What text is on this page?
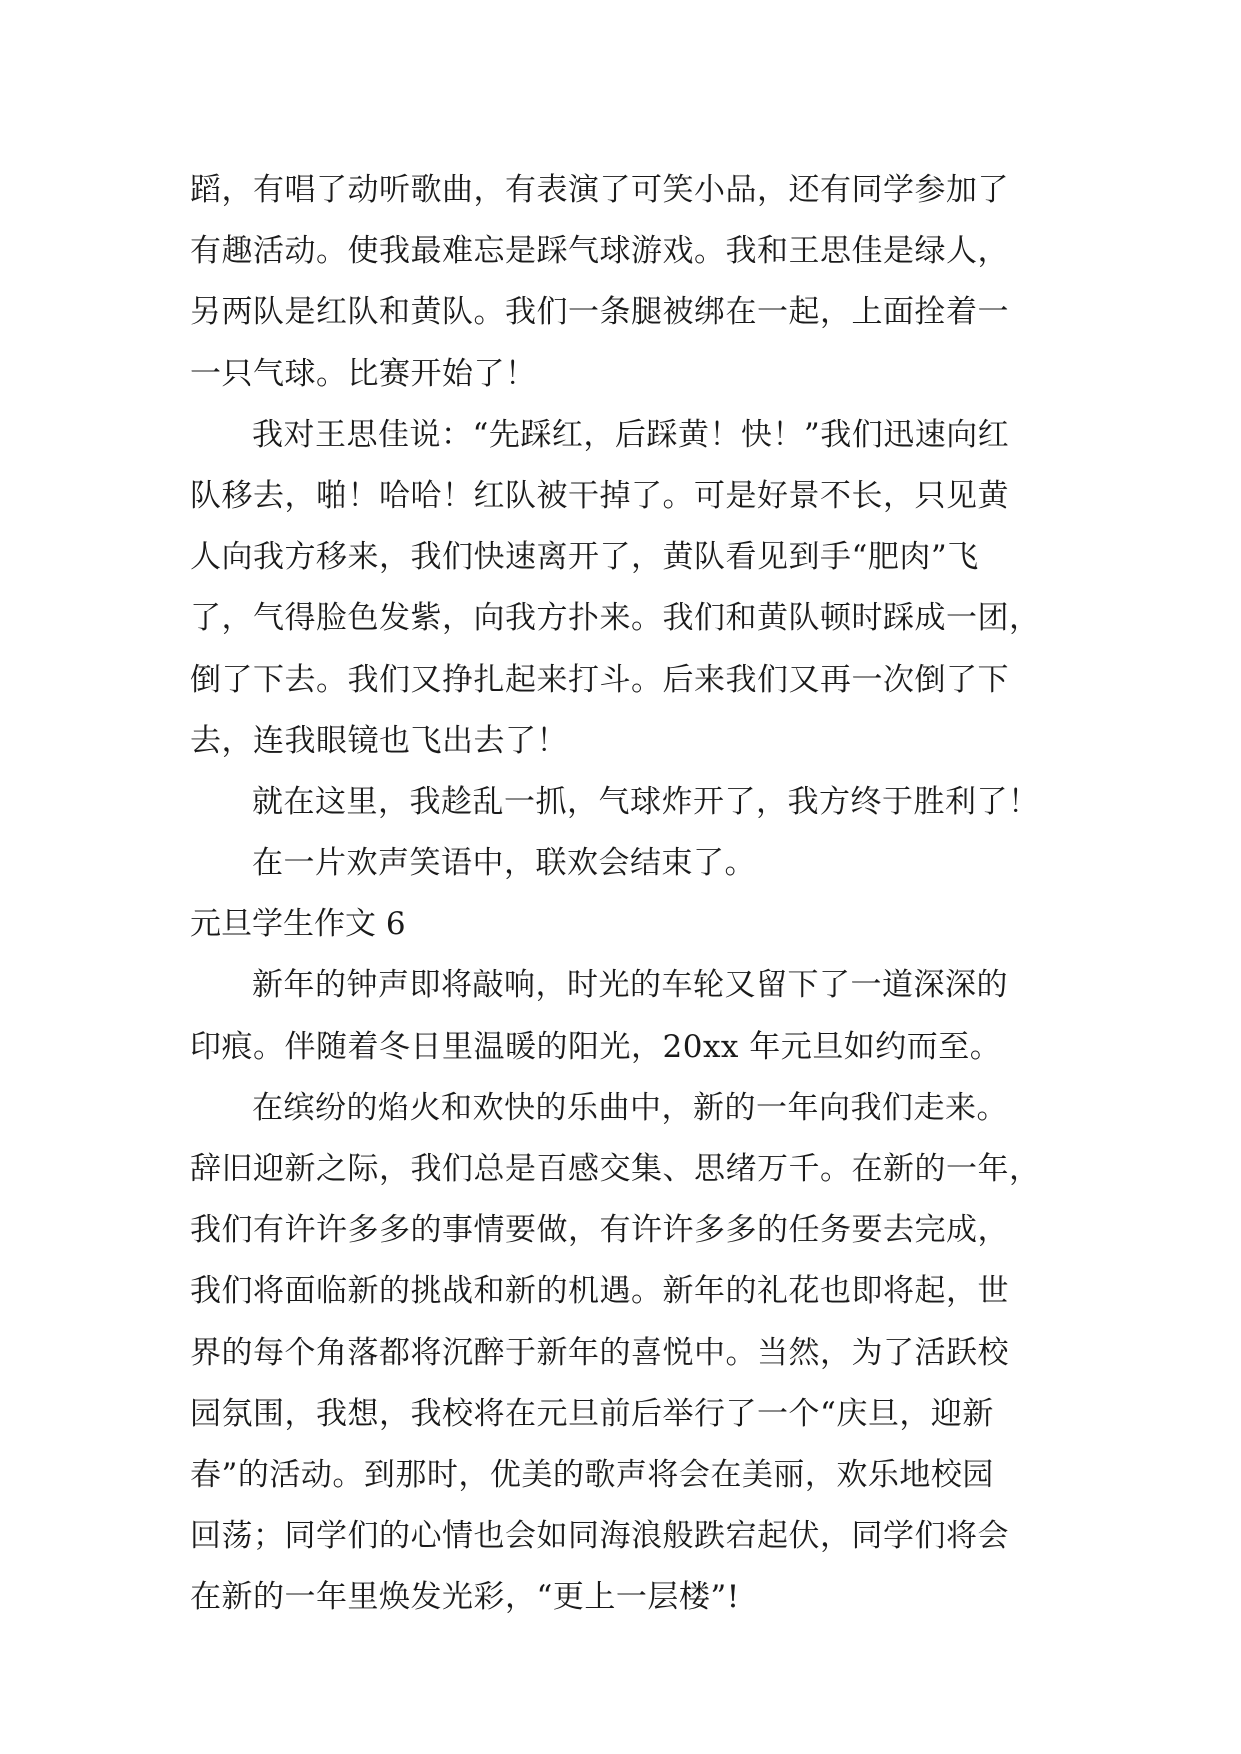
蹈，有唱了动听歌曲，有表演了可笑小品，还有同学参加了
有趣活动。使我最难忘是踩气球游戏。我和王思佳是绿人，
另两队是红队和黄队。我们一条腿被绑在一起，上面拴着一
一只气球。比赛开始了！
我对王思佳说：“先踩红，后踩黄！快！”我们迅速向红
队移去，啪！哈哈！红队被干掉了。可是好景不长，只见黄
人向我方移来，我们快速离开了，黄队看见到手“肥肉”飞
了，气得脸色发紫，向我方扑来。我们和黄队顿时踩成一团，
倒了下去。我们又挣扎起来打斗。后来我们又再一次倒了下
去，连我眼镜也飞出去了！
就在这里，我趁乱一抓，气球炸开了，我方终于胜利了！
在一片欢声笑语中，联欢会结束了。
元旦学生作文 6
新年的钟声即将敲响，时光的车轮又留下了一道深深的
印痕。伴随着冬日里温暖的阳光，20xx 年元旦如约而至。
在缤纷的焰火和欢快的乐曲中，新的一年向我们走来。
辞旧迎新之际，我们总是百感交集、思绪万千。在新的一年，
我们有许许多多的事情要做，有许许多多的任务要去完成，
我们将面临新的挑战和新的机遇。新年的礼花也即将起，世
界的每个角落都将沉醉于新年的喜悦中。当然，为了活跃校
园氛围，我想，我校将在元旦前后举行了一个“庆旦，迎新
春”的活动。到那时，优美的歌声将会在美丽，欢乐地校园
回荡；同学们的心情也会如同海浪般跌宕起伏，同学们将会
在新的一年里焕发光彩，“更上一层楼”!
